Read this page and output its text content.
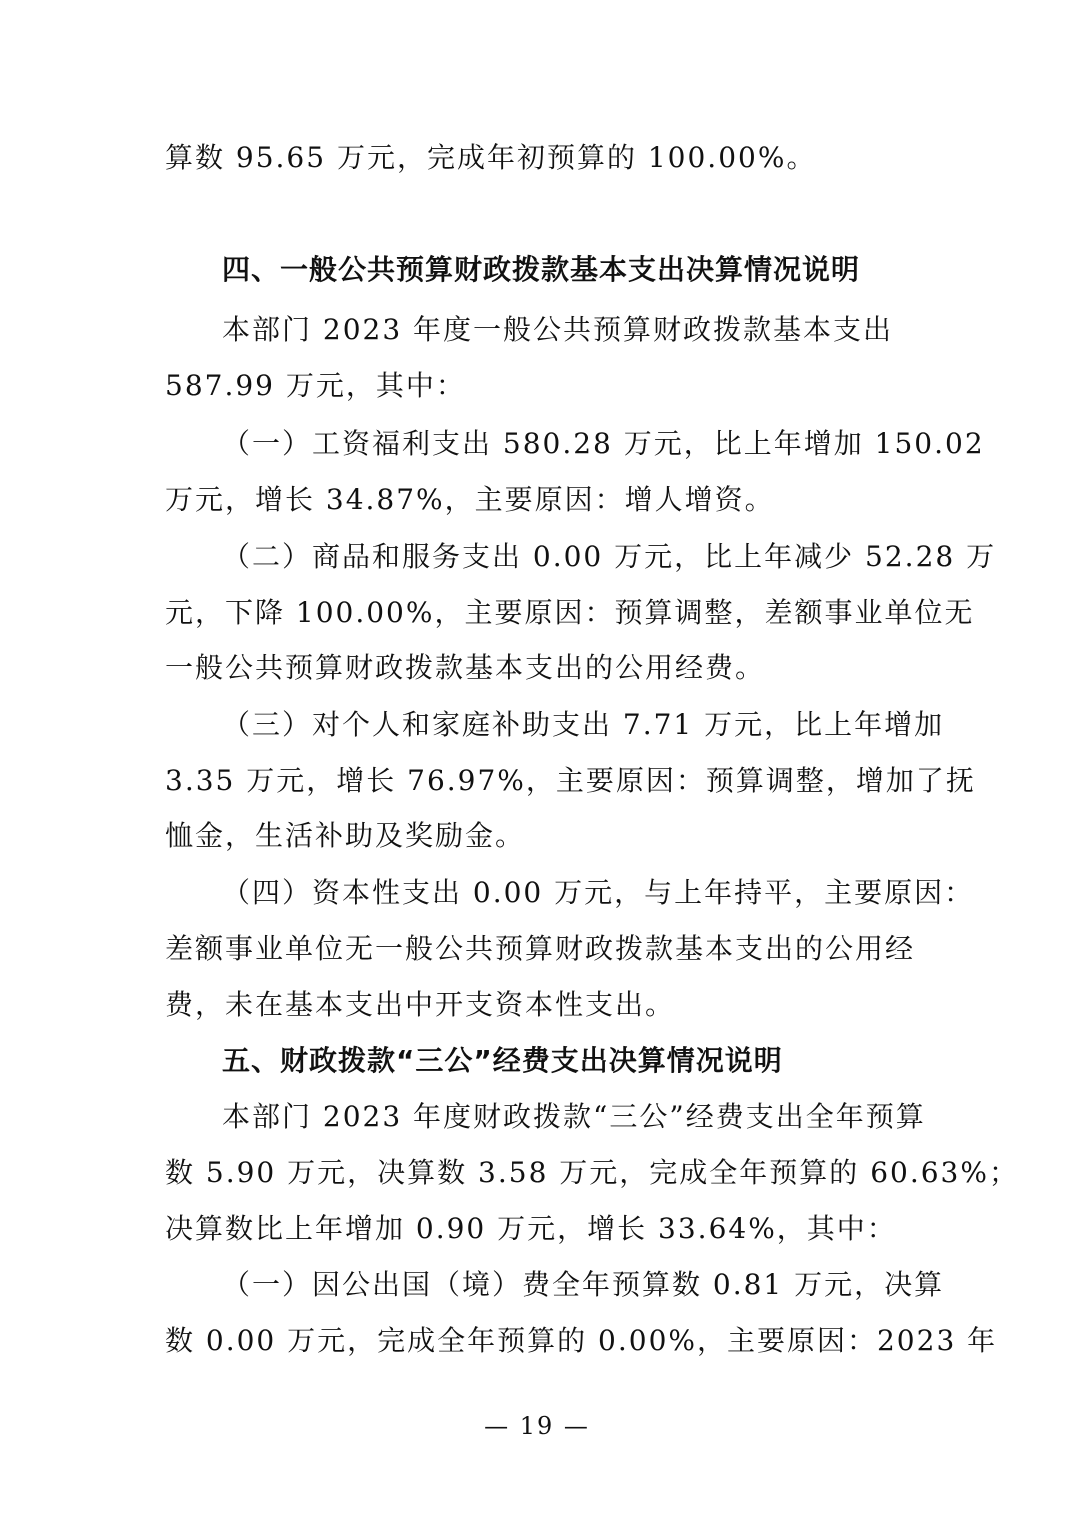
算数 95.65 万元，完成年初预算的 100.00%。
四、一般公共预算财政拨款基本支出决算情况说明
本部门 2023 年度一般公共预算财政拨款基本支出
587.99 万元，其中：
（一）工资福利支出 580.28 万元，比上年增加 150.02
万元，增长 34.87%，主要原因：增人增资。
（二）商品和服务支出 0.00 万元，比上年减少 52.28 万
元，下降 100.00%，主要原因：预算调整，差额事业单位无
一般公共预算财政拨款基本支出的公用经费。
（三）对个人和家庭补助支出 7.71 万元，比上年增加
3.35 万元，增长 76.97%，主要原因：预算调整，增加了抚
恤金，生活补助及奖励金。
（四）资本性支出 0.00 万元，与上年持平，主要原因：
差额事业单位无一般公共预算财政拨款基本支出的公用经
费，未在基本支出中开支资本性支出。
五、财政拨款“三公”经费支出决算情况说明
本部门 2023 年度财政拨款“三公”经费支出全年预算
数 5.90 万元，决算数 3.58 万元，完成全年预算的 60.63%；
决算数比上年增加 0.90 万元，增长 33.64%，其中：
（一）因公出国（境）费全年预算数 0.81 万元，决算
数 0.00 万元，完成全年预算的 0.00%，主要原因：2023 年
— 19 —
